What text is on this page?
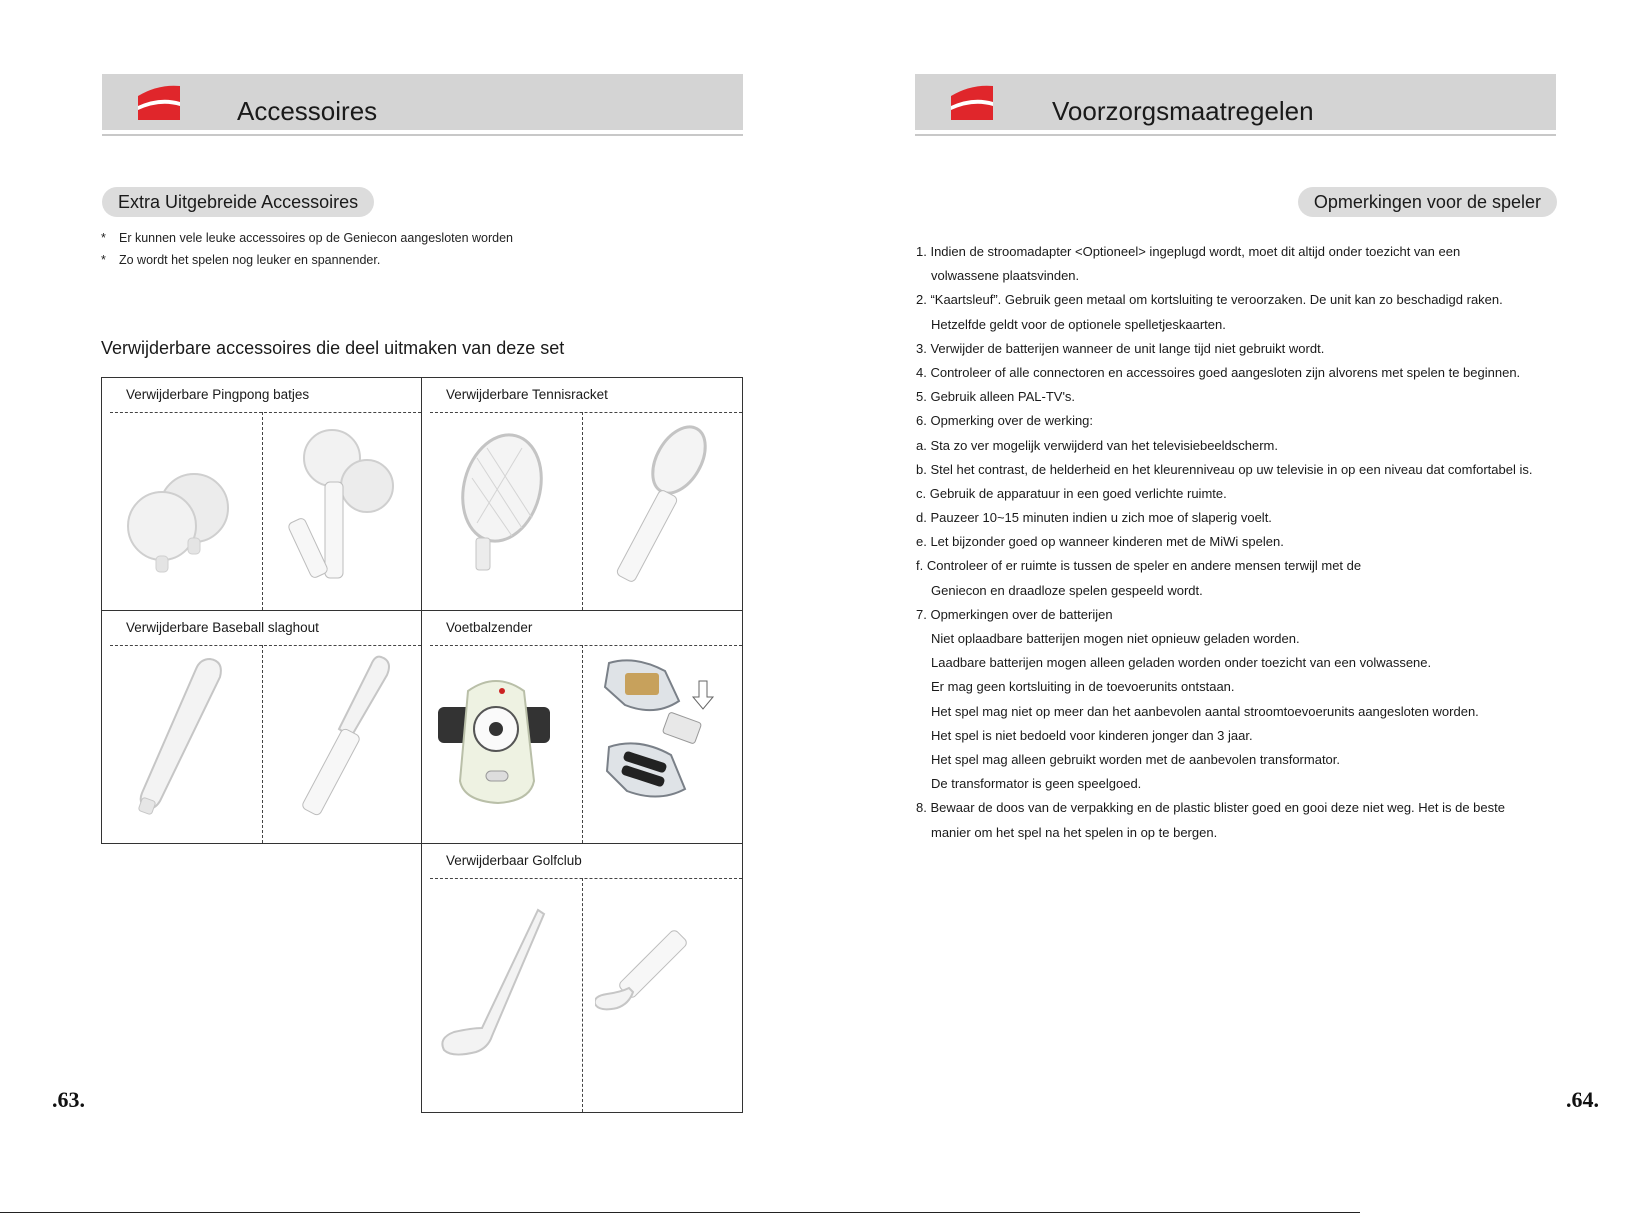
Accessoires
Extra Uitgebreide Accessoires
* Er kunnen vele leuke accessoires op de Geniecon aangesloten worden
* Zo wordt het spelen nog leuker en spannender.
Verwijderbare accessoires die deel uitmaken van deze set
Verwijderbare Pingpong batjes	Verwijderbare Tennisracket
Verwijderbare Baseball slaghout	Voetbalzender
Verwijderbaar Golfclub
.63.
Voorzorgsmaatregelen
Opmerkingen voor de speler
1. Indien de stroomadapter <Optioneel> ingeplugd wordt, moet dit altijd onder toezicht van een
volwassene plaatsvinden.
2. “Kaartsleuf”. Gebruik geen metaal om kortsluiting te veroorzaken. De unit kan zo beschadigd raken.
Hetzelfde geldt voor de optionele spelletjeskaarten.
3. Verwijder de batterijen wanneer de unit lange tijd niet gebruikt wordt.
4. Controleer of alle connectoren en accessoires goed aangesloten zijn alvorens met spelen te beginnen.
5. Gebruik alleen PAL-TV's.
6. Opmerking over de werking:
a. Sta zo ver mogelijk verwijderd van het televisiebeeldscherm.
b. Stel het contrast, de helderheid en het kleurenniveau op uw televisie in op een niveau dat comfortabel is.
c. Gebruik de apparatuur in een goed verlichte ruimte.
d. Pauzeer 10~15 minuten indien u zich moe of slaperig voelt.
e. Let bijzonder goed op wanneer kinderen met de MiWi spelen.
f. Controleer of er ruimte is tussen de speler en andere mensen terwijl met de
Geniecon en draadloze spelen gespeeld wordt.
7. Opmerkingen over de batterijen
Niet oplaadbare batterijen mogen niet opnieuw geladen worden.
Laadbare batterijen mogen alleen geladen worden onder toezicht van een volwassene.
Er mag geen kortsluiting in de toevoerunits ontstaan.
Het spel mag niet op meer dan het aanbevolen aantal stroomtoevoerunits aangesloten worden.
Het spel is niet bedoeld voor kinderen jonger dan 3 jaar.
Het spel mag alleen gebruikt worden met de aanbevolen transformator.
De transformator is geen speelgoed.
8. Bewaar de doos van de verpakking en de plastic blister goed en gooi deze niet weg. Het is de beste
manier om het spel na het spelen in op te bergen.
.64.
